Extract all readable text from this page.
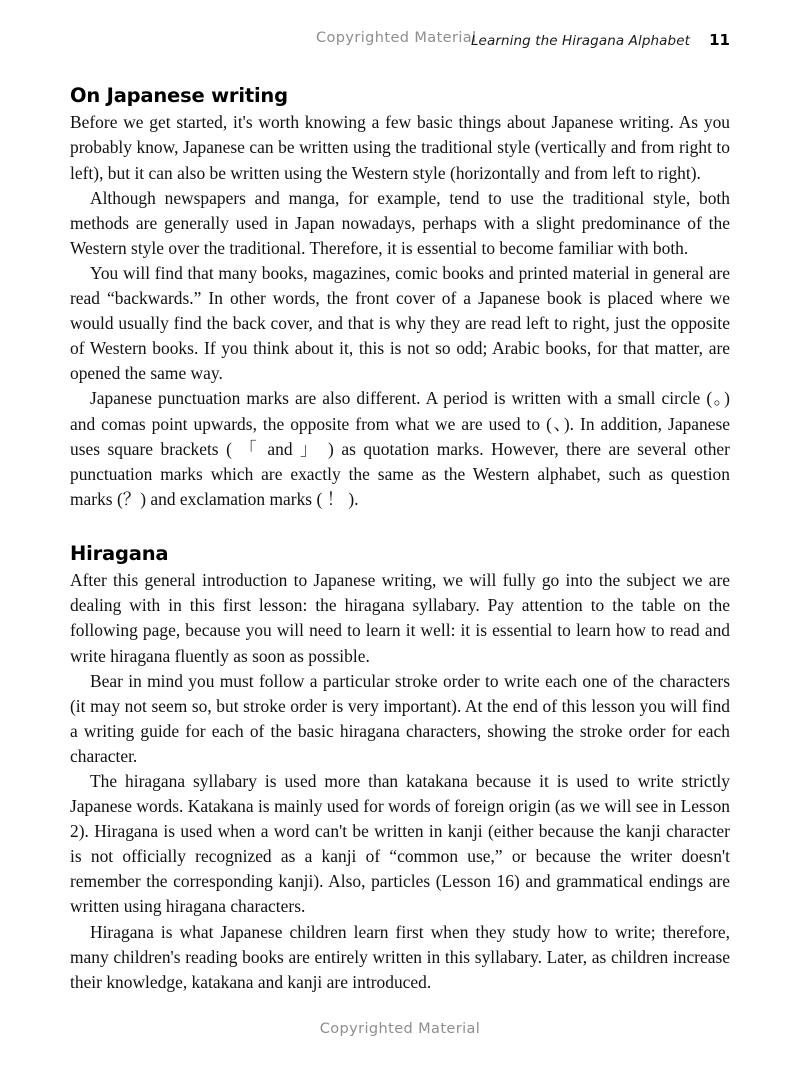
Copyrighted Material
Learning the Hiragana Alphabet 11
On Japanese writing

Before we get started, it's worth knowing a few basic things about Japanese writing. As you probably know, Japanese can be written using the traditional style (vertically and from right to left), but it can also be written using the Western style (horizontally and from left to right).

Although newspapers and manga, for example, tend to use the traditional style, both methods are generally used in Japan nowadays, perhaps with a slight predominance of the Western style over the traditional. Therefore, it is essential to become familiar with both.

You will find that many books, magazines, comic books and printed material in general are read “backwards.” In other words, the front cover of a Japanese book is placed where we would usually find the back cover, and that is why they are read left to right, just the opposite of Western books. If you think about it, this is not so odd; Arabic books, for that matter, are opened the same way.

Japanese punctuation marks are also different. A period is written with a small circle (。) and comas point upwards, the opposite from what we are used to (、). In addition, Japanese uses square brackets ( 「 and 」 ) as quotation marks. However, there are several other punctuation marks which are exactly the same as the Western alphabet, such as question marks (？) and exclamation marks ( ！ ).

Hiragana

After this general introduction to Japanese writing, we will fully go into the subject we are dealing with in this first lesson: the hiragana syllabary. Pay attention to the table on the following page, because you will need to learn it well: it is essential to learn how to read and write hiragana fluently as soon as possible.

Bear in mind you must follow a particular stroke order to write each one of the characters (it may not seem so, but stroke order is very important). At the end of this lesson you will find a writing guide for each of the basic hiragana characters, showing the stroke order for each character.

The hiragana syllabary is used more than katakana because it is used to write strictly Japanese words. Katakana is mainly used for words of foreign origin (as we will see in Lesson 2). Hiragana is used when a word can't be written in kanji (either because the kanji character is not officially recognized as a kanji of “common use,” or because the writer doesn't remember the corresponding kanji). Also, particles (Lesson 16) and grammatical endings are written using hiragana characters.

Hiragana is what Japanese children learn first when they study how to write; therefore, many children's reading books are entirely written in this syllabary. Later, as children increase their knowledge, katakana and kanji are introduced.

Copyrighted Material
